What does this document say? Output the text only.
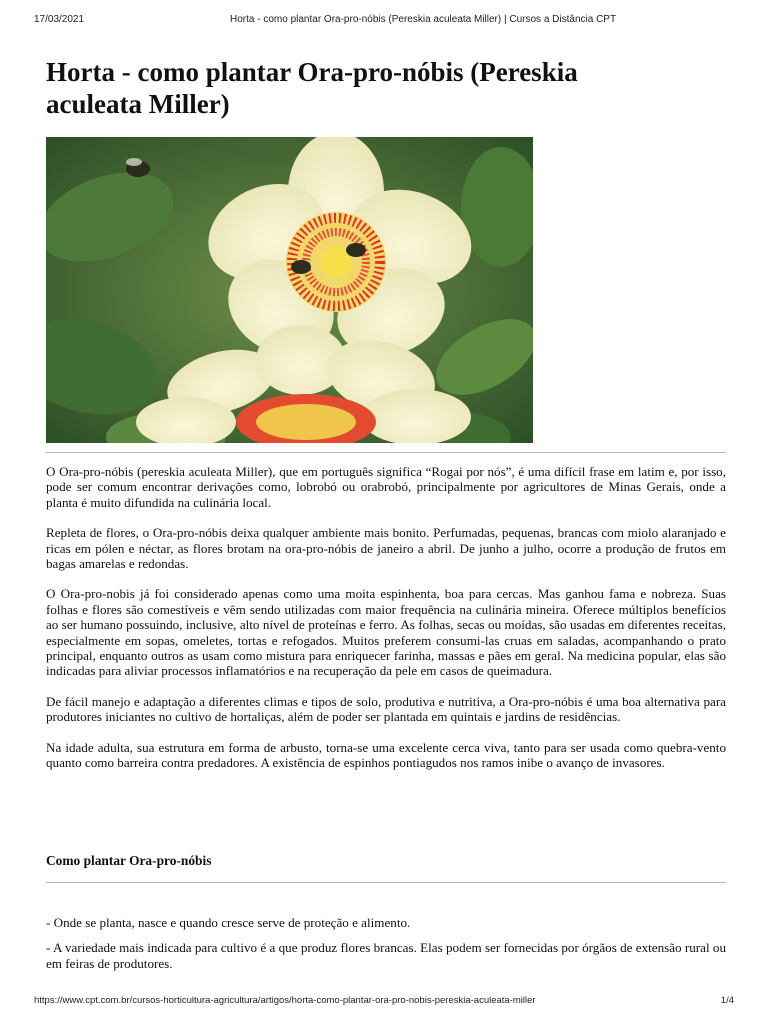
17/03/2021	Horta - como plantar Ora-pro-nóbis (Pereskia aculeata Miller) | Cursos a Distância CPT
Horta - como plantar Ora-pro-nóbis (Pereskia aculeata Miller)

O Ora-pro-nóbis (pereskia aculeata Miller), que em português significa “Rogai por nós”, é uma difícil frase em latim e, por isso, pode ser comum encontrar derivações como, lobrobó ou orabrobó, principalmente por agricultores de Minas Gerais, onde a planta é muito difundida na culinária local.

Repleta de flores, o Ora-pro-nóbis deixa qualquer ambiente mais bonito. Perfumadas, pequenas, brancas com miolo alaranjado e ricas em pólen e néctar, as flores brotam na ora-pro-nóbis de janeiro a abril. De junho a julho, ocorre a produção de frutos em bagas amarelas e redondas.

O Ora-pro-nobis já foi considerado apenas como uma moita espinhenta, boa para cercas. Mas ganhou fama e nobreza. Suas folhas e flores são comestíveis e vêm sendo utilizadas com maior frequência na culinária mineira. Oferece múltiplos benefícios ao ser humano possuindo, inclusive, alto nível de proteínas e ferro. As folhas, secas ou moídas, são usadas em diferentes receitas, especialmente em sopas, omeletes, tortas e refogados. Muitos preferem consumi-las cruas em saladas, acompanhando o prato principal, enquanto outros as usam como mistura para enriquecer farinha, massas e pães em geral. Na medicina popular, elas são indicadas para aliviar processos inflamatórios e na recuperação da pele em casos de queimadura.

De fácil manejo e adaptação a diferentes climas e tipos de solo, produtiva e nutritiva, a Ora-pro-nóbis é uma boa alternativa para produtores iniciantes no cultivo de hortaliças, além de poder ser plantada em quintais e jardins de residências.

Na idade adulta, sua estrutura em forma de arbusto, torna-se uma excelente cerca viva, tanto para ser usada como quebra-vento quanto como barreira contra predadores. A existência de espinhos pontiagudos nos ramos inibe o avanço de invasores.

Como plantar Ora-pro-nóbis

- Onde se planta, nasce e quando cresce serve de proteção e alimento.

- A variedade mais indicada para cultivo é a que produz flores brancas. Elas podem ser fornecidas por órgãos de extensão rural ou em feiras de produtores.

https://www.cpt.com.br/cursos-horticultura-agricultura/artigos/horta-como-plantar-ora-pro-nobis-pereskia-aculeata-miller	1/4
